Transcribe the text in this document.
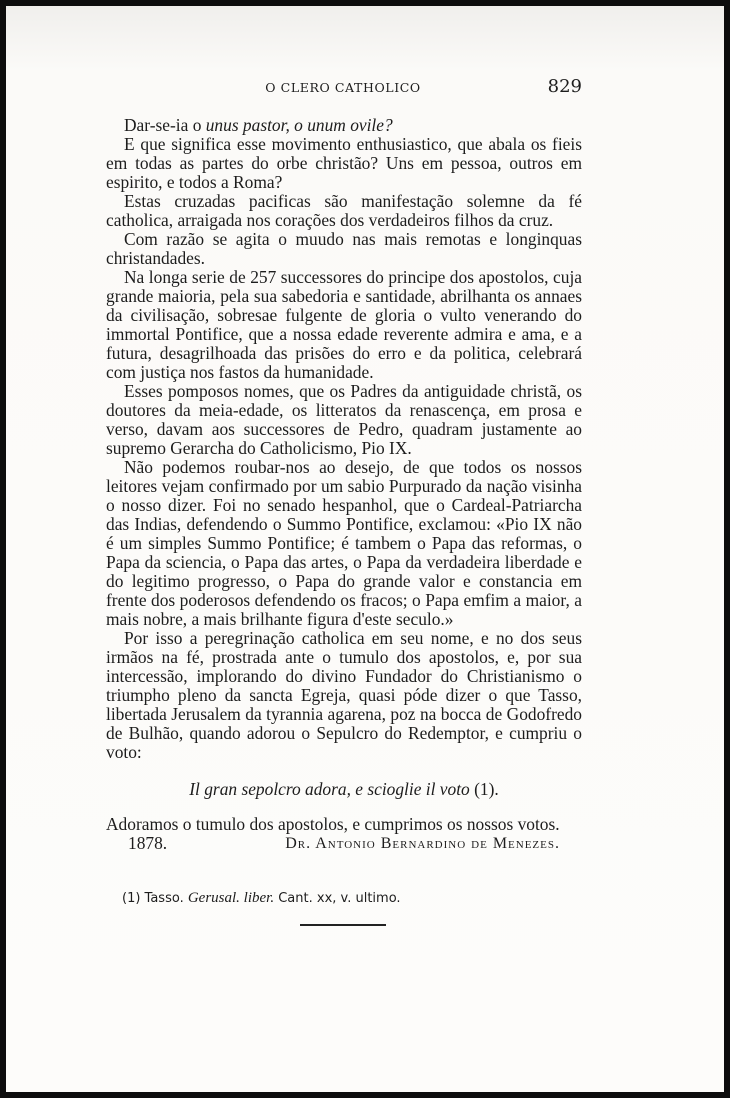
O CLERO CATHOLICO	829

Dar-se-ia o unus pastor, o unum ovile?

E que significa esse movimento enthusiastico, que abala os fieis em todas as partes do orbe christão? Uns em pessoa, outros em espirito, e todos a Roma?

Estas cruzadas pacificas são manifestação solemne da fé catholica, arraigada nos corações dos verdadeiros filhos da cruz.

Com razão se agita o muudo nas mais remotas e longinquas christandades.

Na longa serie de 257 successores do principe dos apostolos, cuja grande maioria, pela sua sabedoria e santidade, abrilhanta os annaes da civilisação, sobresae fulgente de gloria o vulto venerando do immortal Pontifice, que a nossa edade reverente admira e ama, e a futura, desagrilhoada das prisões do erro e da politica, celebrará com justiça nos fastos da humanidade.

Esses pomposos nomes, que os Padres da antiguidade christã, os doutores da meia-edade, os litteratos da renascença, em prosa e verso, davam aos successores de Pedro, quadram justamente ao supremo Gerarcha do Catholicismo, Pio IX.

Não podemos roubar-nos ao desejo, de que todos os nossos leitores vejam confirmado por um sabio Purpurado da nação visinha o nosso dizer. Foi no senado hespanhol, que o Cardeal-Patriarcha das Indias, defendendo o Summo Pontifice, exclamou: «Pio IX não é um simples Summo Pontifice; é tambem o Papa das reformas, o Papa da sciencia, o Papa das artes, o Papa da verdadeira liberdade e do legitimo progresso, o Papa do grande valor e constancia em frente dos poderosos defendendo os fracos; o Papa emfim a maior, a mais nobre, a mais brilhante figura d'este seculo.»

Por isso a peregrinação catholica em seu nome, e no dos seus irmãos na fé, prostrada ante o tumulo dos apostolos, e, por sua intercessão, implorando do divino Fundador do Christianismo o triumpho pleno da sancta Egreja, quasi póde dizer o que Tasso, libertada Jerusalem da tyrannia agarena, poz na bocca de Godofredo de Bulhão, quando adorou o Sepulcro do Redemptor, e cumpriu o voto:

Il gran sepolcro adora, e scioglie il voto (1).

Adoramos o tumulo dos apostolos, e cumprimos os nossos votos.

1878.	Dr. Antonio Bernardino de Menezes.

(1) Tasso. Gerusal. liber. Cant. xx, v. ultimo.
